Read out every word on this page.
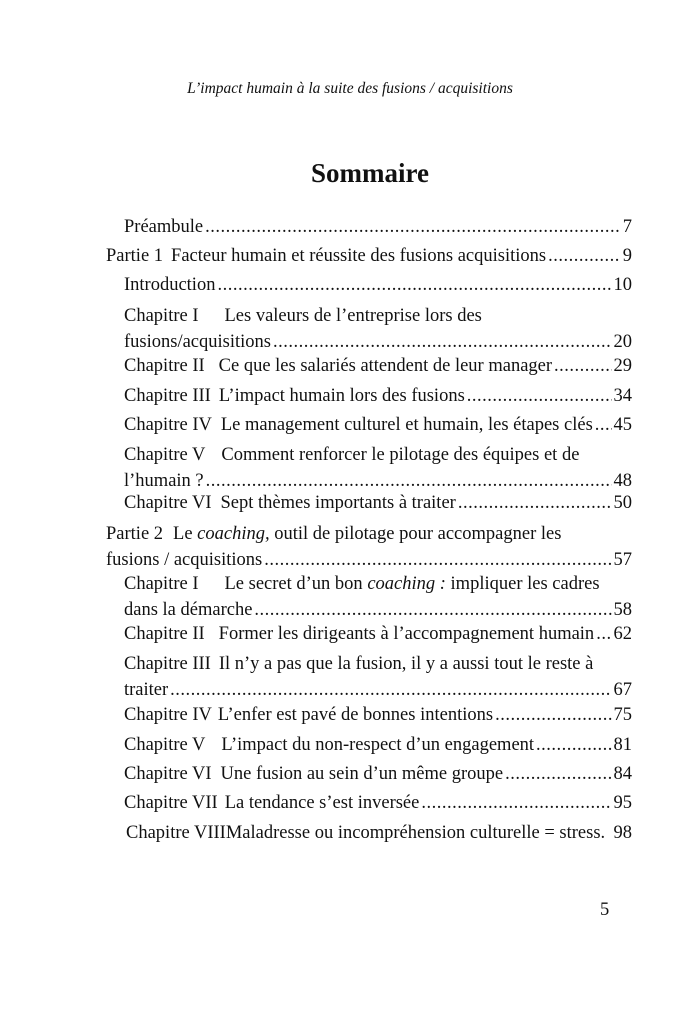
L’impact humain à la suite des fusions / acquisitions
Sommaire
Préambule .....	7
Partie 1 Facteur humain et réussite des fusions acquisitions .....	9
Introduction .....	10
Chapitre I Les valeurs de l’entreprise lors des
fusions/acquisitions .....	20
Chapitre II Ce que les salariés attendent de leur manager .....	29
Chapitre III L’impact humain lors des fusions .....	34
Chapitre IV Le management culturel et humain, les étapes clés ..... 45
Chapitre V Comment renforcer le pilotage des équipes et de
l’humain ? .....	48
Chapitre VI Sept thèmes importants à traiter .....	50
Partie 2 Le coaching, outil de pilotage pour accompagner les
fusions / acquisitions .....	57
Chapitre I Le secret d’un bon coaching : impliquer les cadres
dans la démarche .....	58
Chapitre II Former les dirigeants à l’accompagnement humain ..... 62
Chapitre III Il n’y a pas que la fusion, il y a aussi tout le reste à
traiter .....	67
Chapitre IV L’enfer est pavé de bonnes intentions .....	75
Chapitre V L’impact du non-respect d’un engagement .....	81
Chapitre VI Une fusion au sein d’un même groupe .....	84
Chapitre VII La tendance s’est inversée .....	95
Chapitre VIIIMaladresse ou incompréhension culturelle = stress. 98
5
